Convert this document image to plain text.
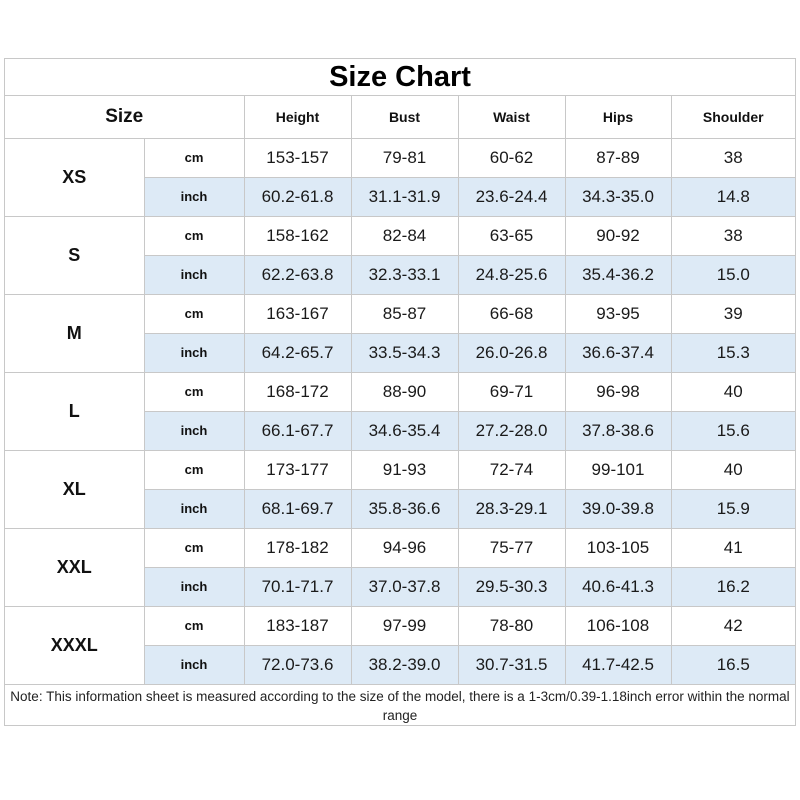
Size Chart
Size		Height	Bust	Waist	Hips	Shoulder
XS	cm	153-157	79-81	60-62	87-89	38
	inch	60.2-61.8	31.1-31.9	23.6-24.4	34.3-35.0	14.8
S	cm	158-162	82-84	63-65	90-92	38
	inch	62.2-63.8	32.3-33.1	24.8-25.6	35.4-36.2	15.0
M	cm	163-167	85-87	66-68	93-95	39
	inch	64.2-65.7	33.5-34.3	26.0-26.8	36.6-37.4	15.3
L	cm	168-172	88-90	69-71	96-98	40
	inch	66.1-67.7	34.6-35.4	27.2-28.0	37.8-38.6	15.6
XL	cm	173-177	91-93	72-74	99-101	40
	inch	68.1-69.7	35.8-36.6	28.3-29.1	39.0-39.8	15.9
XXL	cm	178-182	94-96	75-77	103-105	41
	inch	70.1-71.7	37.0-37.8	29.5-30.3	40.6-41.3	16.2
XXXL	cm	183-187	97-99	78-80	106-108	42
	inch	72.0-73.6	38.2-39.0	30.7-31.5	41.7-42.5	16.5
Note: This information sheet is measured according to the size of the model, there is a 1-3cm/0.39-1.18inch error within the normal range
